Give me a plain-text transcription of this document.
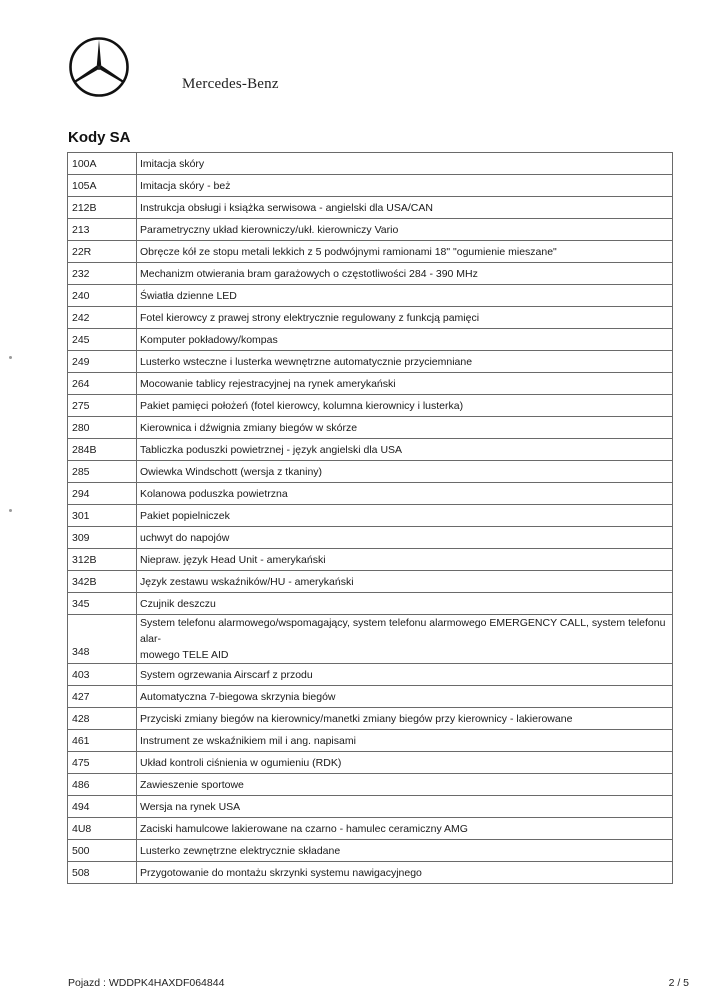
Mercedes-Benz
Kody SA
100A	Imitacja skóry
105A	Imitacja skóry - beż
212B	Instrukcja obsługi i książka serwisowa - angielski dla USA/CAN
213	Parametryczny układ kierowniczy/ukł. kierowniczy Vario
22R	Obręcze kół ze stopu metali lekkich z 5 podwójnymi ramionami 18" "ogumienie mieszane"
232	Mechanizm otwierania bram garażowych o częstotliwości 284 - 390 MHz
240	Światła dzienne LED
242	Fotel kierowcy z prawej strony elektrycznie regulowany z funkcją pamięci
245	Komputer pokładowy/kompas
249	Lusterko wsteczne i lusterka wewnętrzne automatycznie przyciemniane
264	Mocowanie tablicy rejestracyjnej na rynek amerykański
275	Pakiet pamięci położeń (fotel kierowcy, kolumna kierownicy i lusterka)
280	Kierownica i dźwignia zmiany biegów w skórze
284B	Tabliczka poduszki powietrznej - język angielski dla USA
285	Owiewka Windschott (wersja z tkaniny)
294	Kolanowa poduszka powietrzna
301	Pakiet popielniczek
309	uchwyt do napojów
312B	Niepraw. język Head Unit - amerykański
342B	Język zestawu wskaźników/HU - amerykański
345	Czujnik deszczu
348	System telefonu alarmowego/wspomagający, system telefonu alarmowego EMERGENCY CALL, system telefonu alar-
mowego TELE AID

403	System ogrzewania Airscarf z przodu
427	Automatyczna 7-biegowa skrzynia biegów
428	Przyciski zmiany biegów na kierownicy/manetki zmiany biegów przy kierownicy - lakierowane
461	Instrument ze wskaźnikiem mil i ang. napisami
475	Układ kontroli ciśnienia w ogumieniu (RDK)
486	Zawieszenie sportowe
494	Wersja na rynek USA
4U8	Zaciski hamulcowe lakierowane na czarno - hamulec ceramiczny AMG
500	Lusterko zewnętrzne elektrycznie składane
508	Przygotowanie do montażu skrzynki systemu nawigacyjnego
Pojazd : WDDPK4HAXDF064844	2 / 5
